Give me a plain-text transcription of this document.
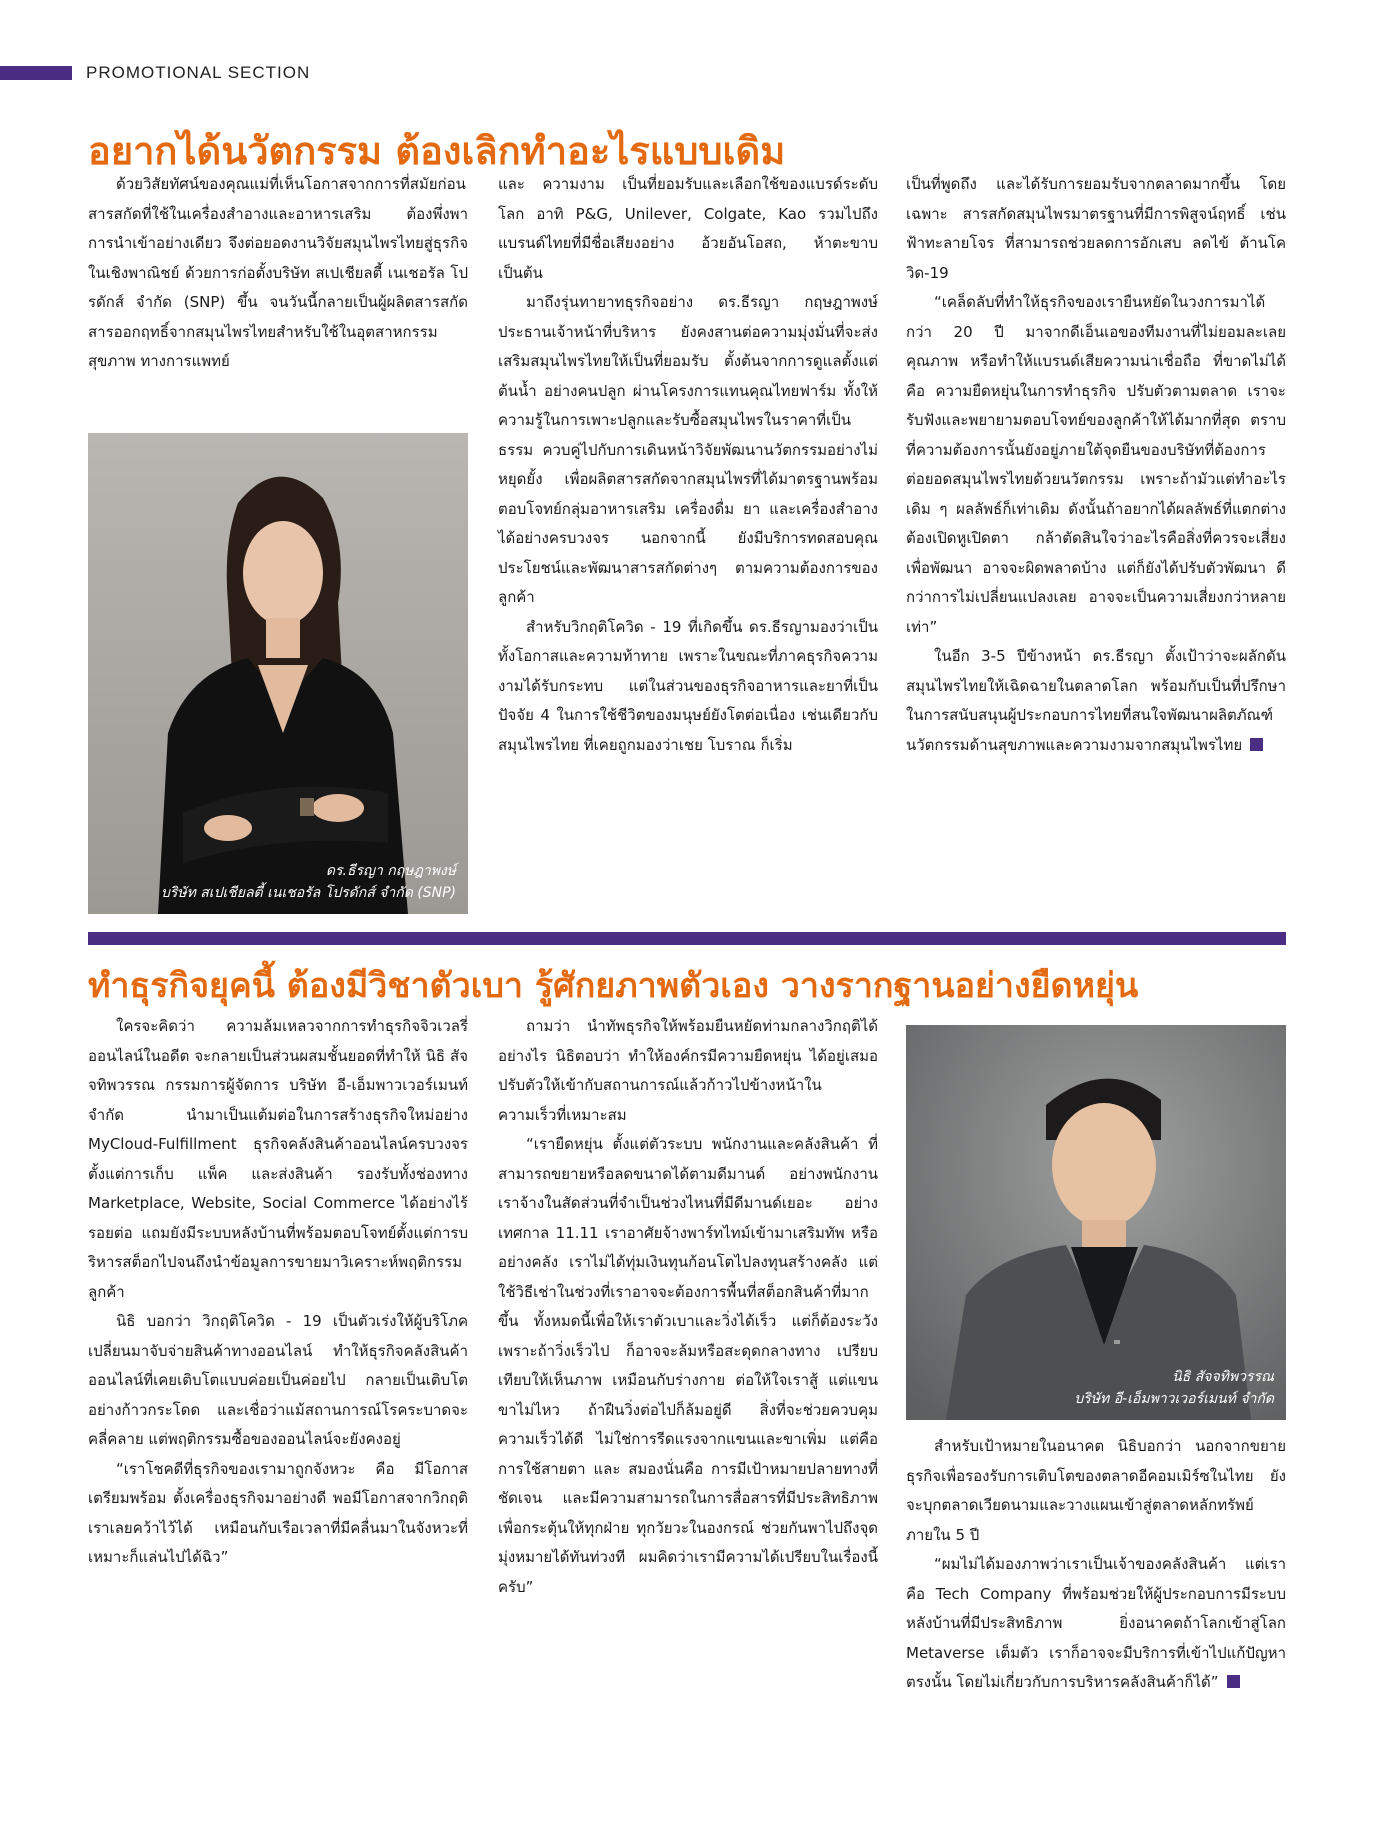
PROMOTIONAL SECTION
อยากได้นวัตกรรม ต้องเลิกทำอะไรแบบเดิม

ด้วยวิสัยทัศน์ของคุณแม่ที่เห็นโอกาสจากการที่สมัยก่อน สารสกัดที่ใช้ในเครื่องสำอางและอาหารเสริม ต้องพึ่งพาการนำเข้าอย่างเดียว จึงต่อยอดงานวิจัยสมุนไพรไทยสู่ธุรกิจในเชิงพาณิชย์ ด้วยการก่อตั้งบริษัท สเปเชียลตี้ เนเชอรัล โปรดักส์ จำกัด (SNP) ขึ้น จนวันนี้กลายเป็นผู้ผลิตสารสกัด สารออกฤทธิ์จากสมุนไพรไทยสำหรับใช้ในอุตสาหกรรมสุขภาพ ทางการแพทย์

ดร.ธีรญา กฤษฎาพงษ์
บริษัท สเปเชียลตี้ เนเชอรัล โปรดักส์ จำกัด (SNP)

และ ความงาม เป็นที่ยอมรับและเลือกใช้ของแบรด์ระดับโลก อาทิ P&G, Unilever, Colgate, Kao รวมไปถึงแบรนด์ไทยที่มีชื่อเสียงอย่าง อ้วยอันโอสถ, ห้าตะขาบ เป็นต้น

มาถึงรุ่นทายาทธุรกิจอย่าง ดร.ธีรญา กฤษฎาพงษ์ ประธานเจ้าหน้าที่บริหาร ยังคงสานต่อความมุ่งมั่นที่จะส่งเสริมสมุนไพรไทยให้เป็นที่ยอมรับ ตั้งต้นจากการดูแลตั้งแต่ต้นน้ำ อย่างคนปลูก ผ่านโครงการแทนคุณไทยฟาร์ม ทั้งให้ความรู้ในการเพาะปลูกและรับซื้อสมุนไพรในราคาที่เป็นธรรม ควบคู่ไปกับการเดินหน้าวิจัยพัฒนานวัตกรรมอย่างไม่หยุดยั้ง เพื่อผลิตสารสกัดจากสมุนไพรที่ได้มาตรฐานพร้อมตอบโจทย์กลุ่มอาหารเสริม เครื่องดื่ม ยา และเครื่องสำอางได้อย่างครบวงจร นอกจากนี้ ยังมีบริการทดสอบคุณประโยชน์และพัฒนาสารสกัดต่างๆ ตามความต้องการของลูกค้า

สำหรับวิกฤติโควิด - 19 ที่เกิดขึ้น ดร.ธีรญามองว่าเป็นทั้งโอกาสและความท้าทาย เพราะในขณะที่ภาคธุรกิจความงามได้รับกระทบ แต่ในส่วนของธุรกิจอาหารและยาที่เป็นปัจจัย 4 ในการใช้ชีวิตของมนุษย์ยังโตต่อเนื่อง เช่นเดียวกับสมุนไพรไทย ที่เคยถูกมองว่าเชย โบราณ ก็เริ่ม

เป็นที่พูดถึง และได้รับการยอมรับจากตลาดมากขึ้น โดยเฉพาะ สารสกัดสมุนไพรมาตรฐานที่มีการพิสูจน์ฤทธิ์ เช่น ฟ้าทะลายโจร ที่สามารถช่วยลดการอักเสบ ลดไข้ ต้านโควิด-19

“เคล็ดลับที่ทำให้ธุรกิจของเรายืนหยัดในวงการมาได้กว่า 20 ปี มาจากดีเอ็นเอของทีมงานที่ไม่ยอมละเลยคุณภาพ หรือทำให้แบรนด์เสียความน่าเชื่อถือ ที่ขาดไม่ได้ คือ ความยืดหยุ่นในการทำธุรกิจ ปรับตัวตามตลาด เราจะรับฟังและพยายามตอบโจทย์ของลูกค้าให้ได้มากที่สุด ตราบที่ความต้องการนั้นยังอยู่ภายใต้จุดยืนของบริษัทที่ต้องการต่อยอดสมุนไพรไทยด้วยนวัตกรรม เพราะถ้ามัวแต่ทำอะไรเดิม ๆ ผลลัพธ์ก็เท่าเดิม ดังนั้นถ้าอยากได้ผลลัพธ์ที่แตกต่าง ต้องเปิดหูเปิดตา กล้าตัดสินใจว่าอะไรคือสิ่งที่ควรจะเสี่ยงเพื่อพัฒนา อาจจะผิดพลาดบ้าง แต่ก็ยังได้ปรับตัวพัฒนา ดีกว่าการไม่เปลี่ยนแปลงเลย อาจจะเป็นความเสี่ยงกว่าหลายเท่า”

ในอีก 3-5 ปีข้างหน้า ดร.ธีรญา ตั้งเป้าว่าจะผลักดันสมุนไพรไทยให้เฉิดฉายในตลาดโลก พร้อมกับเป็นที่ปรึกษาในการสนับสนุนผู้ประกอบการไทยที่สนใจพัฒนาผลิตภัณฑ์นวัตกรรมด้านสุขภาพและความงามจากสมุนไพรไทย

ทำธุรกิจยุคนี้ ต้องมีวิชาตัวเบา รู้ศักยภาพตัวเอง วางรากฐานอย่างยืดหยุ่น

ใครจะคิดว่า ความล้มเหลวจากการทำธุรกิจจิวเวลรี่ออนไลน์ในอดีต จะกลายเป็นส่วนผสมชั้นยอดที่ทำให้ นิธิ สัจจทิพวรรณ กรรมการผู้จัดการ บริษัท อี-เอ็มพาวเวอร์เมนท์ จำกัด นำมาเป็นแต้มต่อในการสร้างธุรกิจใหม่อย่าง MyCloud-Fulfillment ธุรกิจคลังสินค้าออนไลน์ครบวงจร ตั้งแต่การเก็บ แพ็ค และส่งสินค้า รองรับทั้งช่องทาง Marketplace, Website, Social Commerce ได้อย่างไร้รอยต่อ แถมยังมีระบบหลังบ้านที่พร้อมตอบโจทย์ตั้งแต่การบริหารสต็อกไปจนถึงนำข้อมูลการขายมาวิเคราะห์พฤติกรรมลูกค้า

นิธิ บอกว่า วิกฤติโควิด - 19 เป็นตัวเร่งให้ผู้บริโภคเปลี่ยนมาจับจ่ายสินค้าทางออนไลน์ ทำให้ธุรกิจคลังสินค้าออนไลน์ที่เคยเติบโตแบบค่อยเป็นค่อยไป กลายเป็นเติบโตอย่างก้าวกระโดด และเชื่อว่าแม้สถานการณ์โรคระบาดจะคลี่คลาย แต่พฤติกรรมซื้อของออนไลน์จะยังคงอยู่

“เราโชคดีที่ธุรกิจของเรามาถูกจังหวะ คือ มีโอกาสเตรียมพร้อม ตั้งเครื่องธุรกิจมาอย่างดี พอมีโอกาสจากวิกฤติ เราเลยคว้าไว้ได้ เหมือนกับเรือเวลาที่มีคลื่นมาในจังหวะที่เหมาะก็แล่นไปได้ฉิว”

ถามว่า นำทัพธุรกิจให้พร้อมยืนหยัดท่ามกลางวิกฤติได้อย่างไร นิธิตอบว่า ทำให้องค์กรมีความยืดหยุ่น ได้อยู่เสมอ ปรับตัวให้เข้ากับสถานการณ์แล้วก้าวไปข้างหน้าในความเร็วที่เหมาะสม

“เรายืดหยุ่น ตั้งแต่ตัวระบบ พนักงานและคลังสินค้า ที่สามารถขยายหรือลดขนาดได้ตามดีมานด์ อย่างพนักงานเราจ้างในสัดส่วนที่จำเป็นช่วงไหนที่มีดีมานด์เยอะ อย่างเทศกาล 11.11 เราอาศัยจ้างพาร์ทไทม์เข้ามาเสริมทัพ หรืออย่างคลัง เราไม่ได้ทุ่มเงินทุนก้อนโตไปลงทุนสร้างคลัง แต่ใช้วิธีเช่าในช่วงที่เราอาจจะต้องการพื้นที่สต็อกสินค้าที่มากขึ้น ทั้งหมดนี้เพื่อให้เราตัวเบาและวิ่งได้เร็ว แต่ก็ต้องระวัง เพราะถ้าวิ่งเร็วไป ก็อาจจะล้มหรือสะดุดกลางทาง เปรียบเทียบให้เห็นภาพ เหมือนกับร่างกาย ต่อให้ใจเราสู้ แต่แขนขาไม่ไหว ถ้าฝืนวิ่งต่อไปก็ล้มอยู่ดี สิ่งที่จะช่วยควบคุมความเร็วได้ดี ไม่ใช่การรีดแรงจากแขนและขาเพิ่ม แต่คือ การใช้สายตา และ สมองนั่นคือ การมีเป้าหมายปลายทางที่ชัดเจน และมีความสามารถในการสื่อสารที่มีประสิทธิภาพเพื่อกระตุ้นให้ทุกฝ่าย ทุกวัยวะในองกรณ์ ช่วยกันพาไปถึงจุดมุ่งหมายได้ทันท่วงที ผมคิดว่าเรามีความได้เปรียบในเรื่องนี้ครับ”

นิธิ สัจจทิพวรรณ
บริษัท อี-เอ็มพาวเวอร์เมนท์ จำกัด

สำหรับเป้าหมายในอนาคต นิธิบอกว่า นอกจากขยายธุรกิจเพื่อรองรับการเติบโตของตลาดอีคอมเมิร์ซในไทย ยังจะบุกตลาดเวียดนามและวางแผนเข้าสู่ตลาดหลักทรัพย์ภายใน 5 ปี

“ผมไม่ได้มองภาพว่าเราเป็นเจ้าของคลังสินค้า แต่เราคือ Tech Company ที่พร้อมช่วยให้ผู้ประกอบการมีระบบหลังบ้านที่มีประสิทธิภาพ ยิ่งอนาคตถ้าโลกเข้าสู่โลก Metaverse เต็มตัว เราก็อาจจะมีบริการที่เข้าไปแก้ปัญหาตรงนั้น โดยไม่เกี่ยวกับการบริหารคลังสินค้าก็ได้”
